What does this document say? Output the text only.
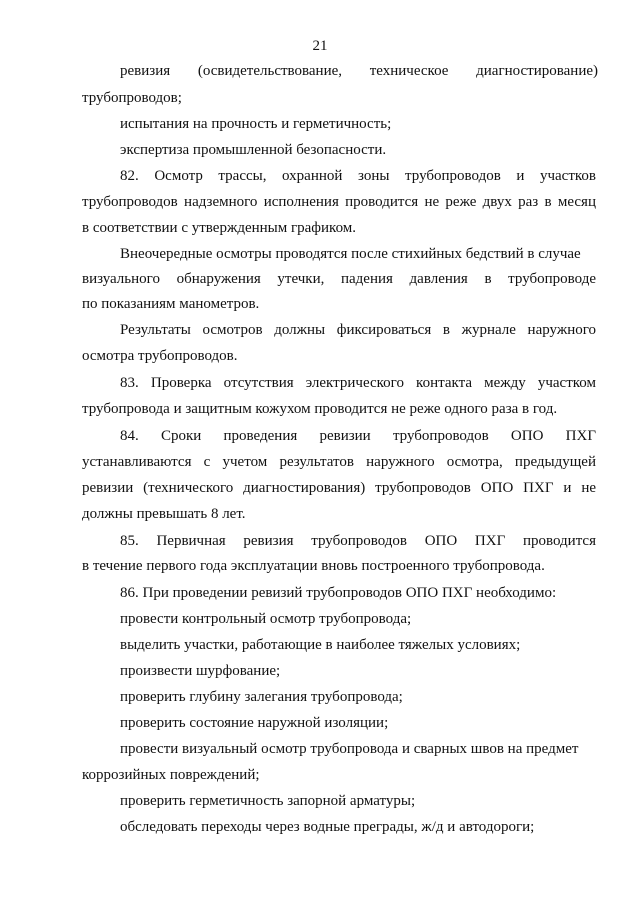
21
ревизия (освидетельствование, техническое диагностирование)
трубопроводов;
испытания на прочность и герметичность;
экспертиза промышленной безопасности.
82. Осмотр трассы, охранной зоны трубопроводов и участков
трубопроводов надземного исполнения проводится не реже двух раз в месяц
в соответствии с утвержденным графиком.
Внеочередные осмотры проводятся после стихийных бедствий в случае
визуального обнаружения утечки, падения давления в трубопроводе
по показаниям манометров.
Результаты осмотров должны фиксироваться в журнале наружного
осмотра трубопроводов.
83. Проверка отсутствия электрического контакта между участком
трубопровода и защитным кожухом проводится не реже одного раза в год.
84. Сроки проведения ревизии трубопроводов ОПО ПХГ
устанавливаются с учетом результатов наружного осмотра, предыдущей
ревизии (технического диагностирования) трубопроводов ОПО ПХГ и не
должны превышать 8 лет.
85. Первичная ревизия трубопроводов ОПО ПХГ проводится
в течение первого года эксплуатации вновь построенного трубопровода.
86. При проведении ревизий трубопроводов ОПО ПХГ необходимо:
провести контрольный осмотр трубопровода;
выделить участки, работающие в наиболее тяжелых условиях;
произвести шурфование;
проверить глубину залегания трубопровода;
проверить состояние наружной изоляции;
провести визуальный осмотр трубопровода и сварных швов на предмет
коррозийных повреждений;
проверить герметичность запорной арматуры;
обследовать переходы через водные преграды, ж/д и автодороги;
